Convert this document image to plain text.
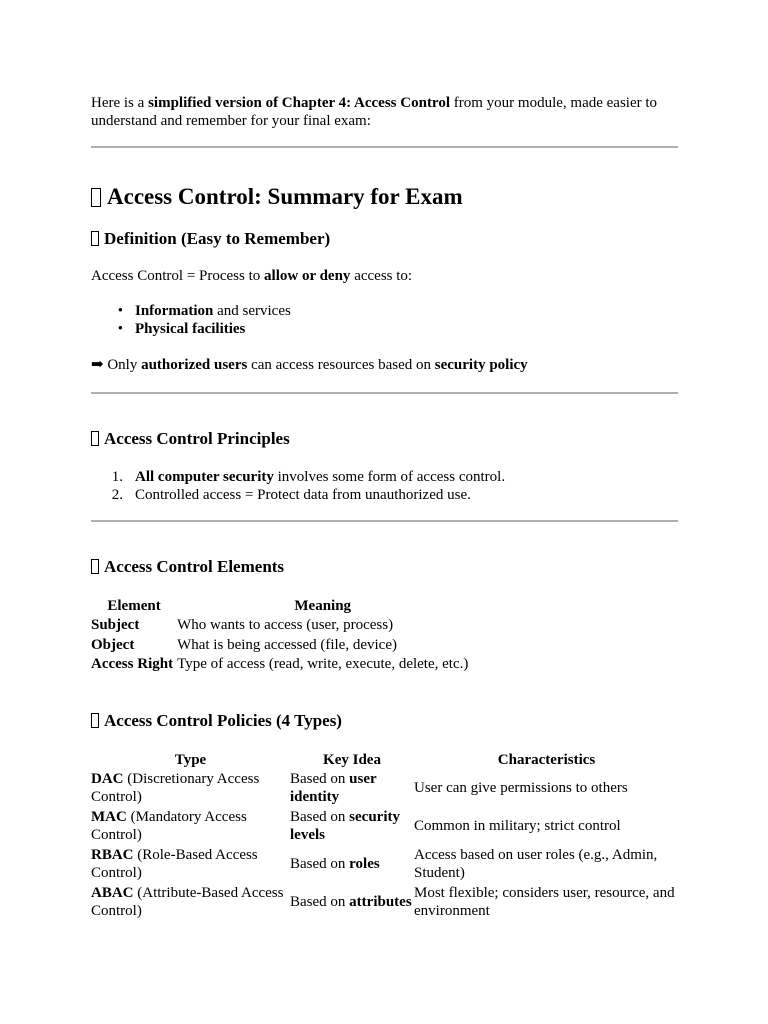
Here is a simplified version of Chapter 4: Access Control from your module, made easier to understand and remember for your final exam:

Access Control: Summary for Exam
Definition (Easy to Remember)

Access Control = Process to allow or deny access to:

• Information and services
• Physical facilities

➡ Only authorized users can access resources based on security policy

Access Control Principles
1. All computer security involves some form of access control.
2. Controlled access = Protect data from unauthorized use.
Access Control Elements
Element	Meaning
Subject	Who wants to access (user, process)
Object	What is being accessed (file, device)
Access Right	Type of access (read, write, execute, delete, etc.)
Access Control Policies (4 Types)
Type	Key Idea	Characteristics
DAC (Discretionary Access Control)	Based on user identity	User can give permissions to others
MAC (Mandatory Access Control)	Based on security levels	Common in military; strict control
RBAC (Role-Based Access Control)	Based on roles	Access based on user roles (e.g., Admin, Student)
ABAC (Attribute-Based Access Control)	Based on attributes	Most flexible; considers user, resource, and environment
